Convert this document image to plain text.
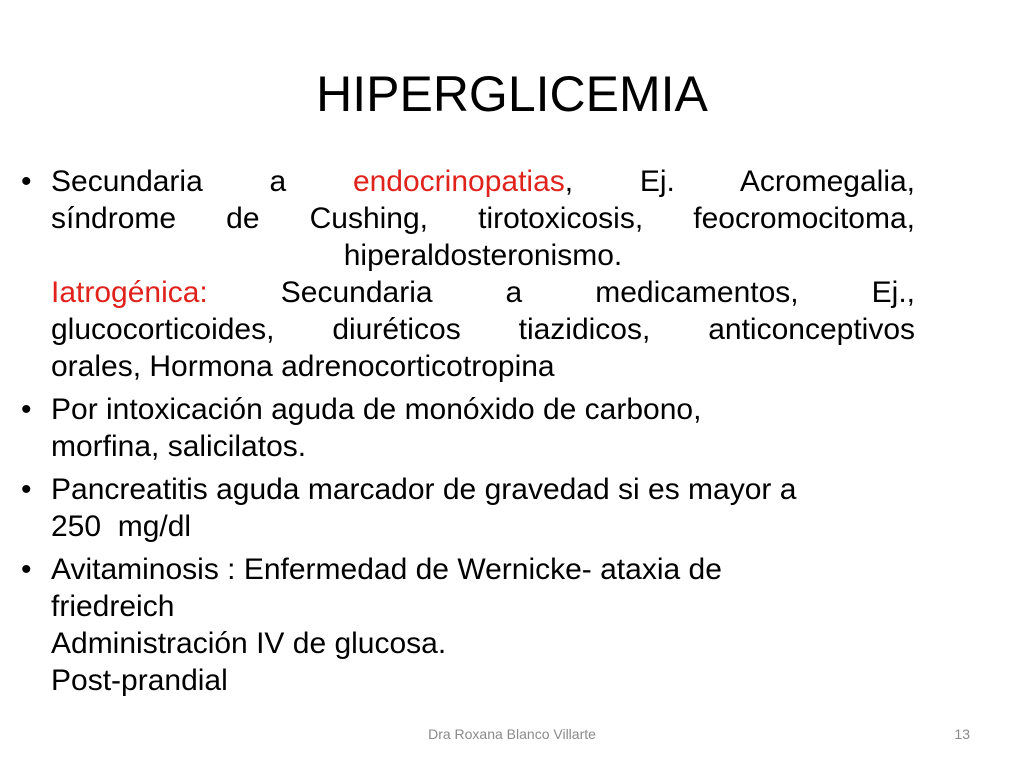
HIPERGLICEMIA
• Secundaria a endocrinopatias, Ej. Acromegalia,
síndrome de Cushing, tirotoxicosis, feocromocitoma,
hiperaldosteronismo.
Iatrogénica: Secundaria a medicamentos, Ej.,
glucocorticoides, diuréticos tiazidicos, anticonceptivos
orales, Hormona adrenocorticotropina
• Por intoxicación aguda de monóxido de carbono,
morfina, salicilatos.
• Pancreatitis aguda marcador de gravedad si es mayor a
250  mg/dl
• Avitaminosis : Enfermedad de Wernicke- ataxia de
friedreich
Administración IV de glucosa.
Post-prandial
Dra Roxana Blanco Villarte	13
